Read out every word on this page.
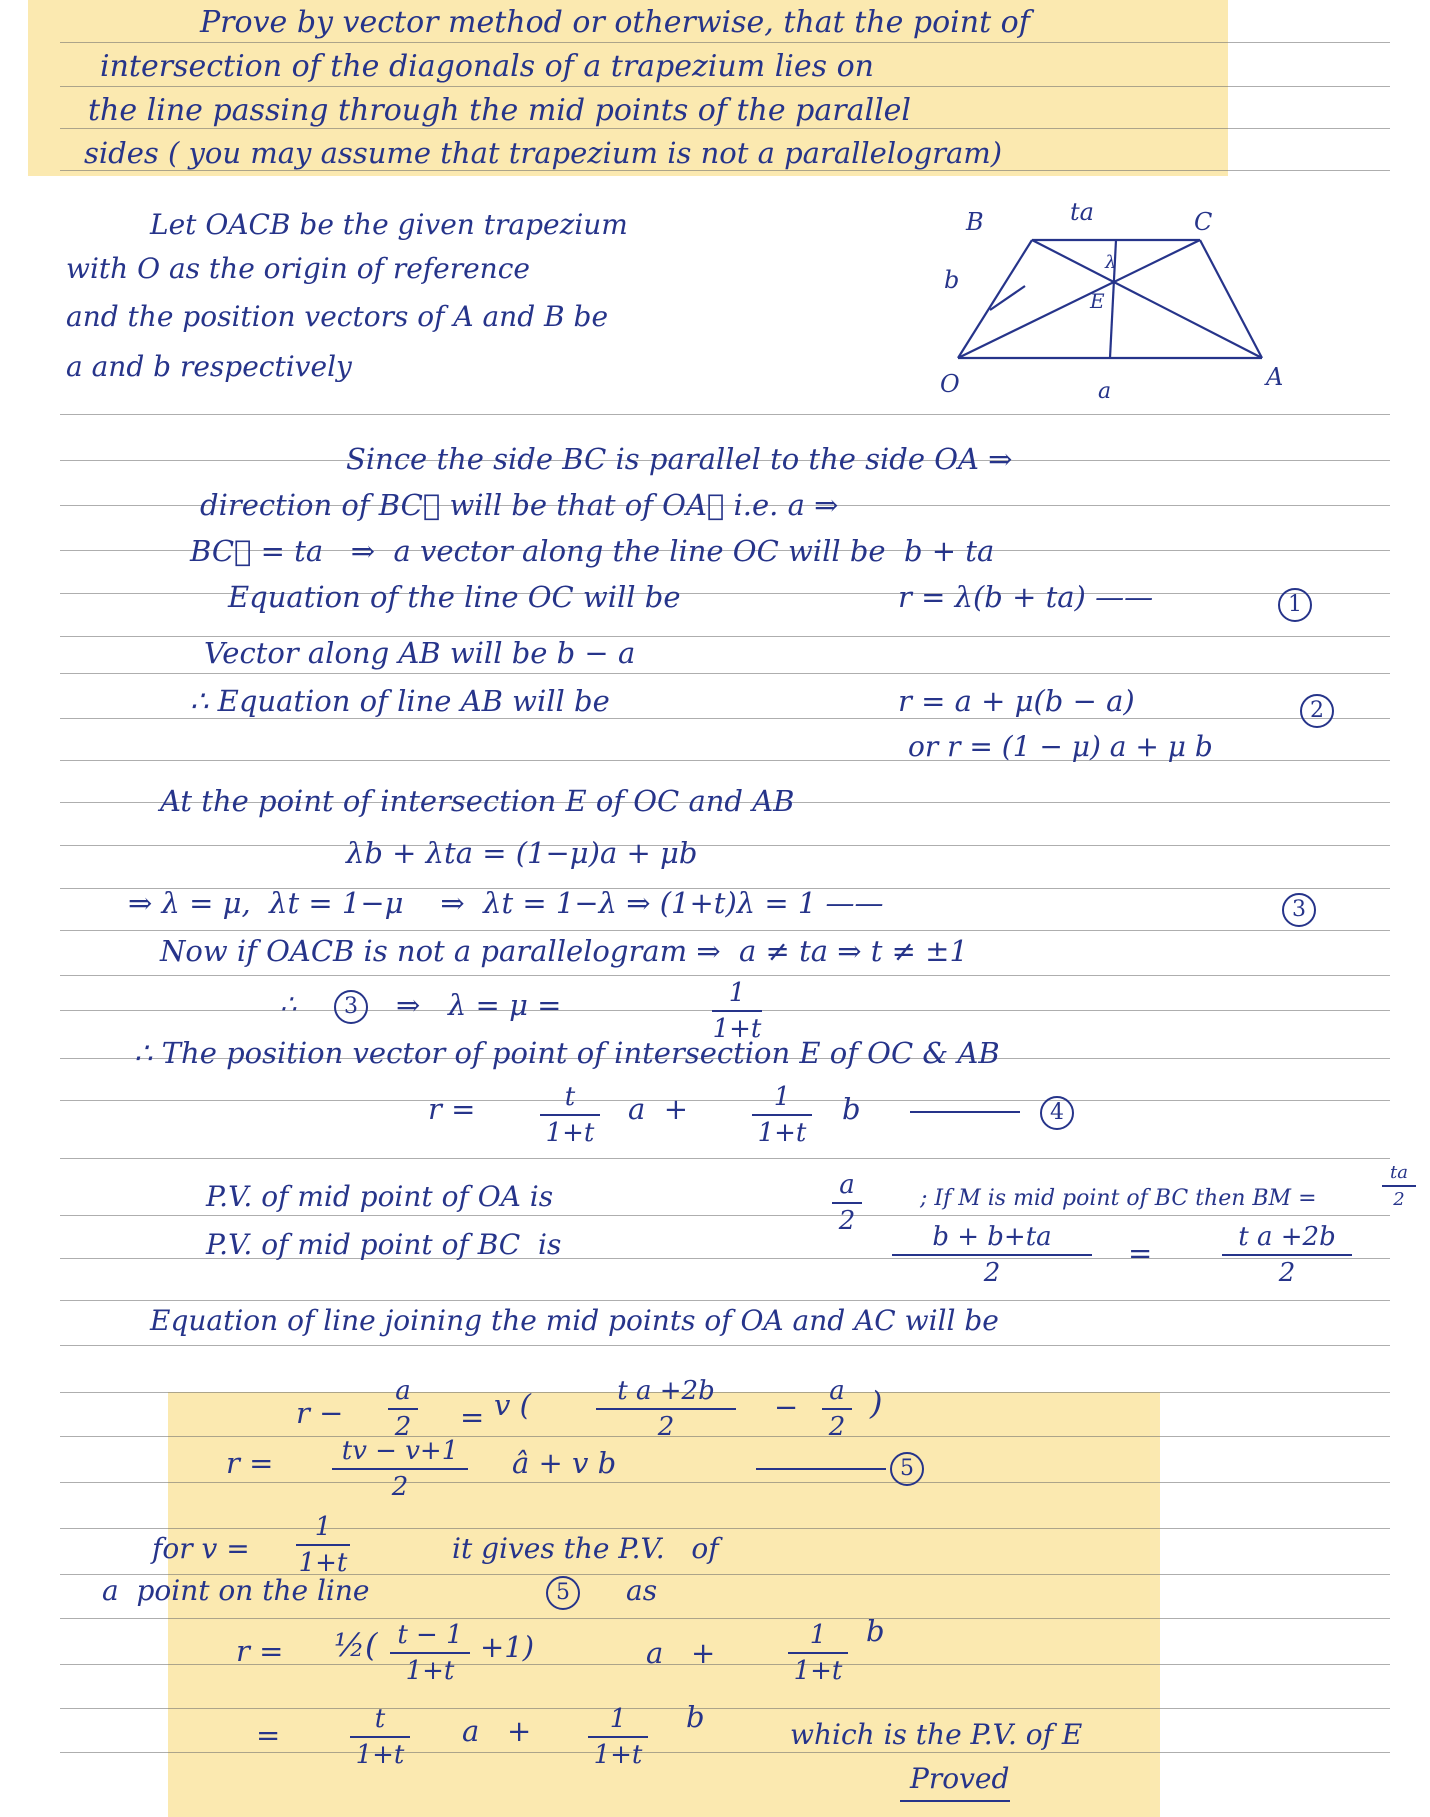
Prove by vector method or otherwise, that the point of
intersection of the diagonals of a trapezium lies on
the line passing through the mid points of the parallel
sides ( you may assume that trapezium is not a parallelogram)
Let OACB be the given trapezium
with O as the origin of reference
and the position vectors of A and B be
a and b respectively
O	A
B	C
E
a
b
ta
λ
Since the side BC is parallel to the side OA ⇒
direction of BC⃗ will be that of OA⃗ i.e. a ⇒
BC⃗ = ta   ⇒  a vector along the line OC will be  b + ta
Equation of the line OC will be	r = λ(b + ta) ——	1
Vector along AB will be b − a
∴ Equation of line AB will be	r = a + μ(b − a)	2
or r = (1 − μ) a + μ b
At the point of intersection E of OC and AB
λb + λta = (1−μ)a + μb
⇒ λ = μ,  λt = 1−μ    ⇒  λt = 1−λ ⇒ (1+t)λ = 1 ——	3
Now if OACB is not a parallelogram ⇒  a ≠ ta ⇒ t ≠ ±1
∴	3	⇒   λ = μ =	1
1+t
∴ The position vector of point of intersection E of OC & AB
r =	t
1+t
a +	1
1+t
b	4
P.V. of mid point of OA is	a
2
; If M is mid point of BC then BM =
ta
2
P.V. of mid point of BC  is	b + b+ta
2
=	t a +2b
2
Equation of line joining the mid points of OA and AC will be
r −
a
2 = v (	t a +2b
2
− a
2
)
r =	tv − v+1
2
â + v b	5
for v =
1
1+t	it gives the P.V.   of
a  point on the line	5	as
r = ½( t − 1
1+t
+1)	a +
1
1+t
b
=	t
1+t
a +	1
1+t
b
which is the P.V. of E
Proved
